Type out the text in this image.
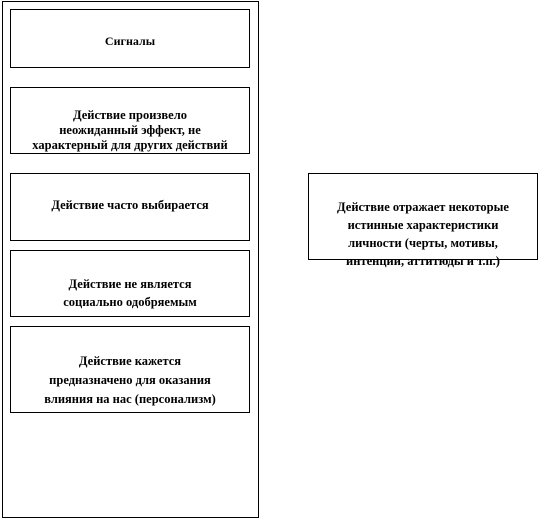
Сигналы

Действие произвело
неожиданный эффект, не
характерный для других действий

Действие часто выбирается

Действие не является
социально одобряемым

Действие кажется
предназначено для оказания
влияния на нас (персонализм)

Действие отражает некоторые
истинные характеристики
личности (черты, мотивы,
интенции, аттитюды и т.п.)
